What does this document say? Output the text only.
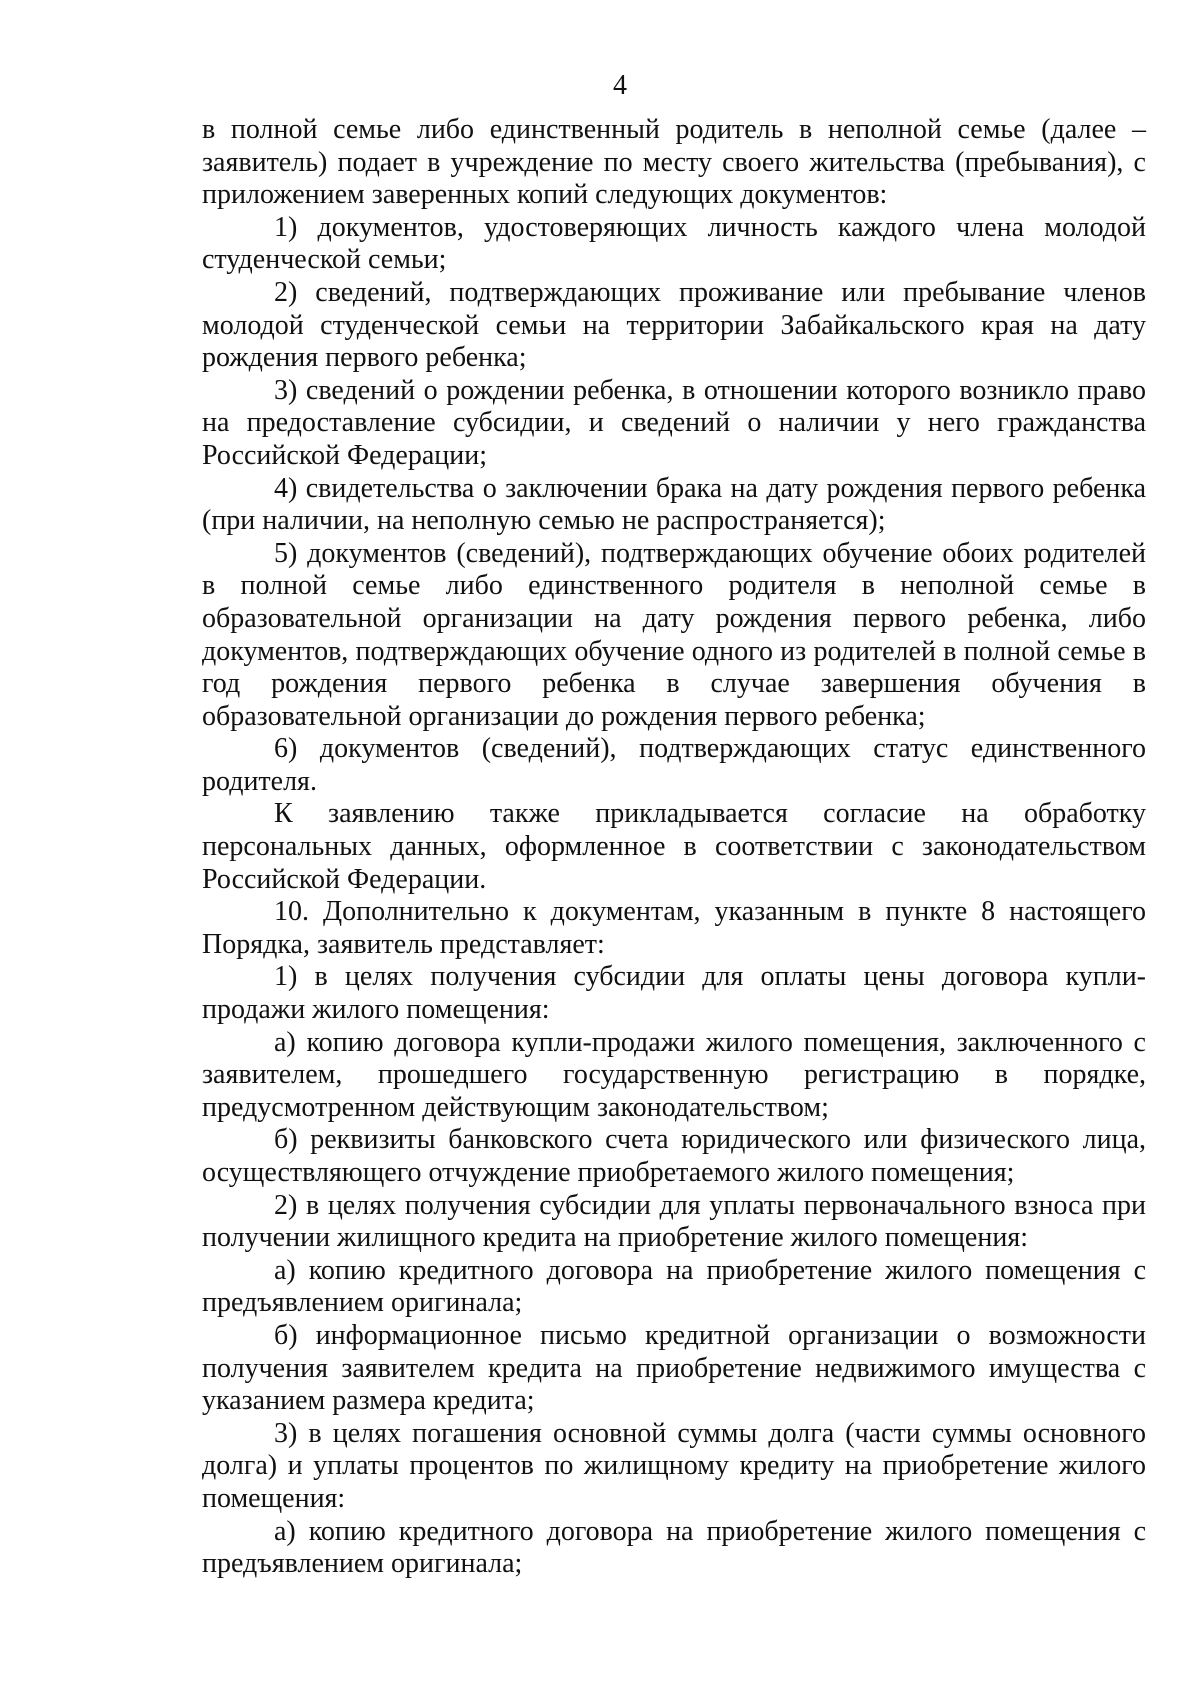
4

в полной семье либо единственный родитель в неполной семье (далее – заявитель) подает в учреждение по месту своего жительства (пребывания), с приложением заверенных копий следующих документов:

1) документов, удостоверяющих личность каждого члена молодой студенческой семьи;

2) сведений, подтверждающих проживание или пребывание членов молодой студенческой семьи на территории Забайкальского края на дату рождения первого ребенка;

3) сведений о рождении ребенка, в отношении которого возникло право на предоставление субсидии, и сведений о наличии у него гражданства Российской Федерации;

4) свидетельства о заключении брака на дату рождения первого ребенка (при наличии, на неполную семью не распространяется);

5) документов (сведений), подтверждающих обучение обоих родителей в полной семье либо единственного родителя в неполной семье в образовательной организации на дату рождения первого ребенка, либо документов, подтверждающих обучение одного из родителей в полной семье в год рождения первого ребенка в случае завершения обучения в образовательной организации до рождения первого ребенка;

6) документов (сведений), подтверждающих статус единственного родителя.

К заявлению также прикладывается согласие на обработку персональных данных, оформленное в соответствии с законодательством Российской Федерации.

10. Дополнительно к документам, указанным в пункте 8 настоящего Порядка, заявитель представляет:

1) в целях получения субсидии для оплаты цены договора купли-продажи жилого помещения:

а) копию договора купли-продажи жилого помещения, заключенного с заявителем, прошедшего государственную регистрацию в порядке, предусмотренном действующим законодательством;

б) реквизиты банковского счета юридического или физического лица, осуществляющего отчуждение приобретаемого жилого помещения;

2) в целях получения субсидии для уплаты первоначального взноса при получении жилищного кредита на приобретение жилого помещения:

а) копию кредитного договора на приобретение жилого помещения с предъявлением оригинала;

б) информационное письмо кредитной организации о возможности получения заявителем кредита на приобретение недвижимого имущества с указанием размера кредита;

3) в целях погашения основной суммы долга (части суммы основного долга) и уплаты процентов по жилищному кредиту на приобретение жилого помещения:

а) копию кредитного договора на приобретение жилого помещения с предъявлением оригинала;
